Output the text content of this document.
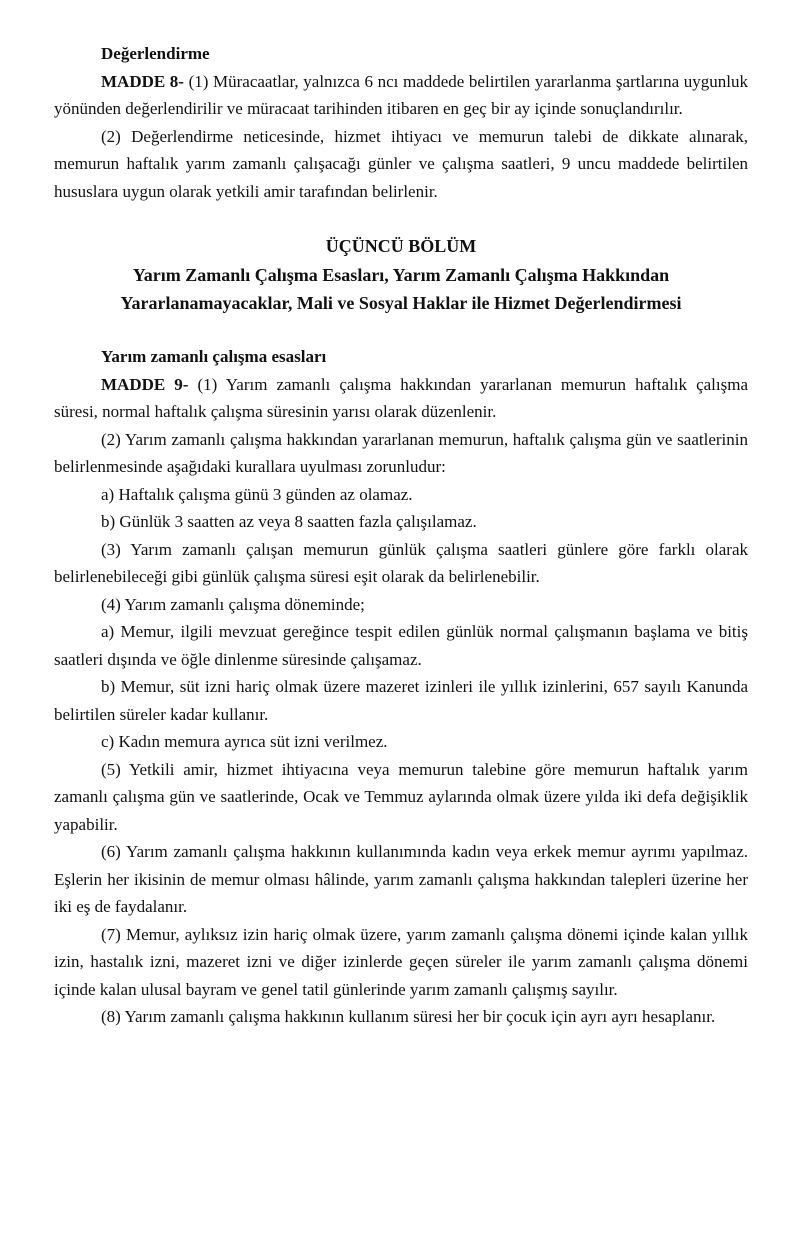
Değerlendirme

MADDE 8- (1) Müracaatlar, yalnızca 6 ncı maddede belirtilen yararlanma şartlarına uygunluk yönünden değerlendirilir ve müracaat tarihinden itibaren en geç bir ay içinde sonuçlandırılır.

(2) Değerlendirme neticesinde, hizmet ihtiyacı ve memurun talebi de dikkate alınarak, memurun haftalık yarım zamanlı çalışacağı günler ve çalışma saatleri, 9 uncu maddede belirtilen hususlara uygun olarak yetkili amir tarafından belirlenir.

ÜÇÜNCÜ BÖLÜM

Yarım Zamanlı Çalışma Esasları, Yarım Zamanlı Çalışma Hakkından

Yararlanamayacaklar, Mali ve Sosyal Haklar ile Hizmet Değerlendirmesi

Yarım zamanlı çalışma esasları

MADDE 9- (1) Yarım zamanlı çalışma hakkından yararlanan memurun haftalık çalışma süresi, normal haftalık çalışma süresinin yarısı olarak düzenlenir.

(2) Yarım zamanlı çalışma hakkından yararlanan memurun, haftalık çalışma gün ve saatlerinin belirlenmesinde aşağıdaki kurallara uyulması zorunludur:

a) Haftalık çalışma günü 3 günden az olamaz.

b) Günlük 3 saatten az veya 8 saatten fazla çalışılamaz.

(3) Yarım zamanlı çalışan memurun günlük çalışma saatleri günlere göre farklı olarak belirlenebileceği gibi günlük çalışma süresi eşit olarak da belirlenebilir.

(4) Yarım zamanlı çalışma döneminde;

a) Memur, ilgili mevzuat gereğince tespit edilen günlük normal çalışmanın başlama ve bitiş saatleri dışında ve öğle dinlenme süresinde çalışamaz.

b) Memur, süt izni hariç olmak üzere mazeret izinleri ile yıllık izinlerini, 657 sayılı Kanunda belirtilen süreler kadar kullanır.

c) Kadın memura ayrıca süt izni verilmez.

(5) Yetkili amir, hizmet ihtiyacına veya memurun talebine göre memurun haftalık yarım zamanlı çalışma gün ve saatlerinde, Ocak ve Temmuz aylarında olmak üzere yılda iki defa değişiklik yapabilir.

(6) Yarım zamanlı çalışma hakkının kullanımında kadın veya erkek memur ayrımı yapılmaz. Eşlerin her ikisinin de memur olması hâlinde, yarım zamanlı çalışma hakkından talepleri üzerine her iki eş de faydalanır.

(7) Memur, aylıksız izin hariç olmak üzere, yarım zamanlı çalışma dönemi içinde kalan yıllık izin, hastalık izni, mazeret izni ve diğer izinlerde geçen süreler ile yarım zamanlı çalışma dönemi içinde kalan ulusal bayram ve genel tatil günlerinde yarım zamanlı çalışmış sayılır.

(8) Yarım zamanlı çalışma hakkının kullanım süresi her bir çocuk için ayrı ayrı hesaplanır.
